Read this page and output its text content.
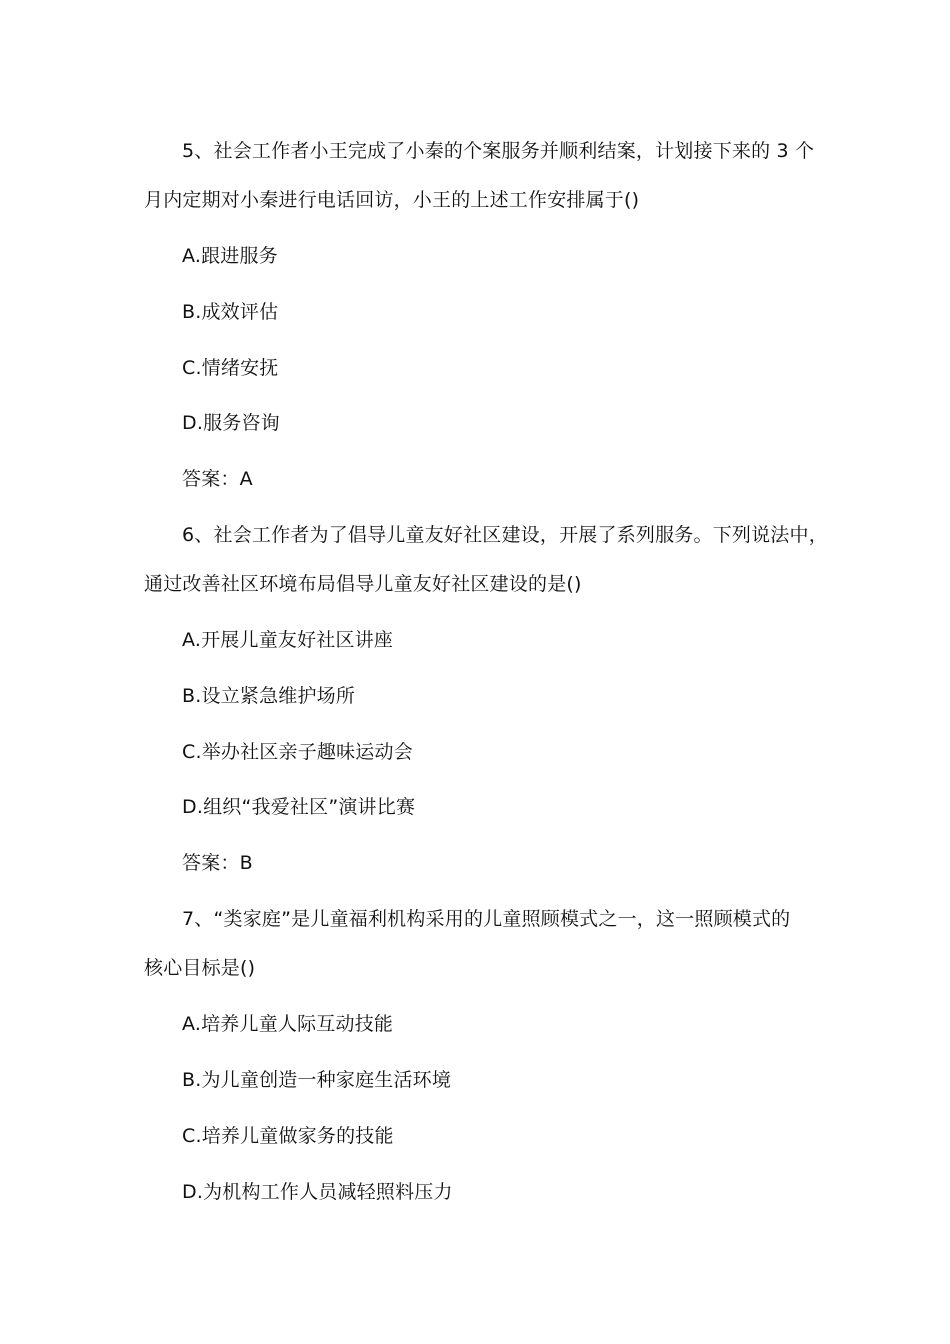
5、社会工作者小王完成了小秦的个案服务并顺利结案，计划接下来的 3 个
月内定期对小秦进行电话回访，小王的上述工作安排属于()
A.跟进服务
B.成效评估
C.情绪安抚
D.服务咨询
答案：A
6、社会工作者为了倡导儿童友好社区建设，开展了系列服务。下列说法中，
通过改善社区环境布局倡导儿童友好社区建设的是()
A.开展儿童友好社区讲座
B.设立紧急维护场所
C.举办社区亲子趣味运动会
D.组织“我爱社区”演讲比赛
答案：B
7、“类家庭”是儿童福利机构采用的儿童照顾模式之一，这一照顾模式的
核心目标是()
A.培养儿童人际互动技能
B.为儿童创造一种家庭生活环境
C.培养儿童做家务的技能
D.为机构工作人员减轻照料压力
